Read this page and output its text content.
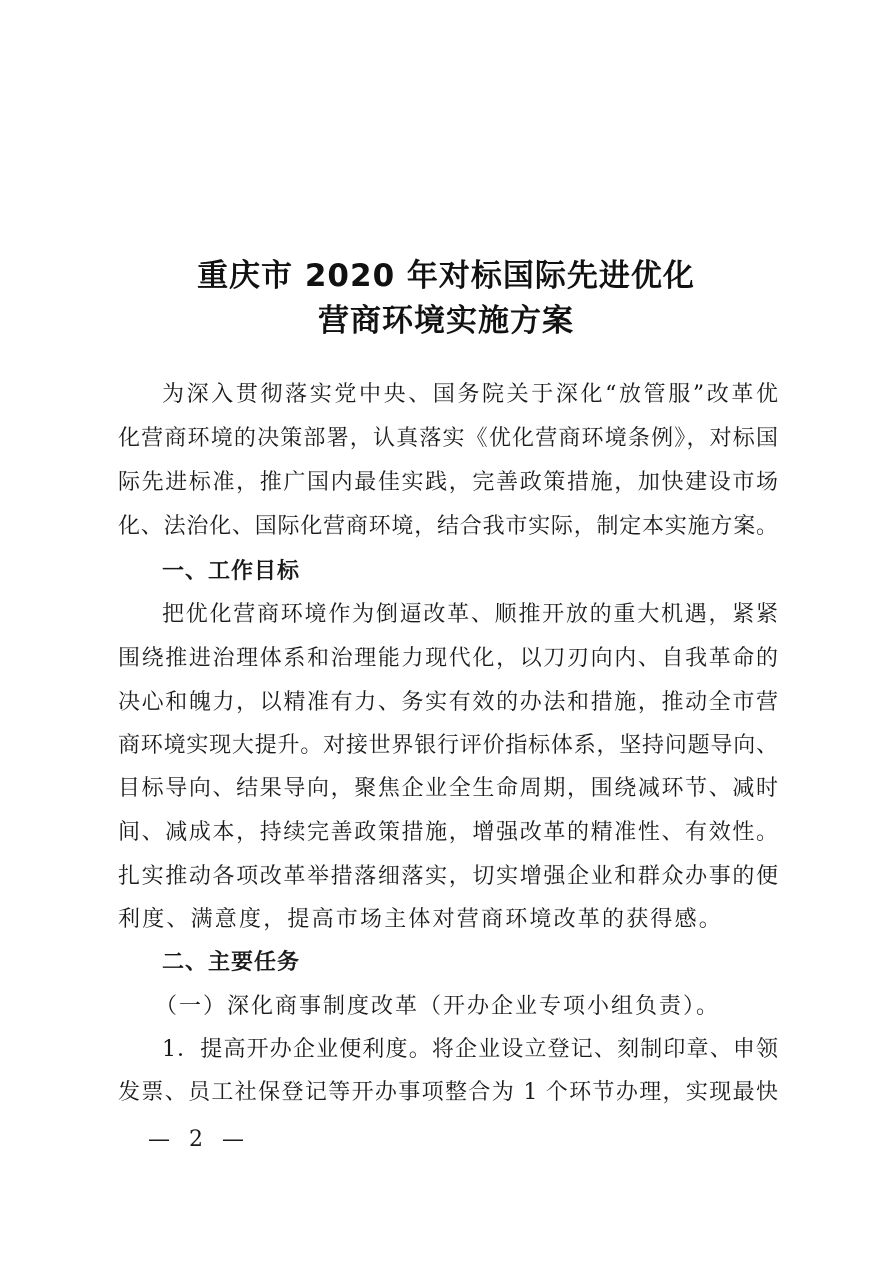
重庆市 2020 年对标国际先进优化
营商环境实施方案
为深入贯彻落实党中央、国务院关于深化“放管服”改革优
化营商环境的决策部署，认真落实《优化营商环境条例》，对标国
际先进标准，推广国内最佳实践，完善政策措施，加快建设市场
化、法治化、国际化营商环境，结合我市实际，制定本实施方案。
一、工作目标
把优化营商环境作为倒逼改革、顺推开放的重大机遇，紧紧
围绕推进治理体系和治理能力现代化，以刀刃向内、自我革命的
决心和魄力，以精准有力、务实有效的办法和措施，推动全市营
商环境实现大提升。对接世界银行评价指标体系，坚持问题导向、
目标导向、结果导向，聚焦企业全生命周期，围绕减环节、减时
间、减成本，持续完善政策措施，增强改革的精准性、有效性。
扎实推动各项改革举措落细落实，切实增强企业和群众办事的便
利度、满意度，提高市场主体对营商环境改革的获得感。
二、主要任务
（一）深化商事制度改革（开办企业专项小组负责）。
1．提高开办企业便利度。将企业设立登记、刻制印章、申领
发票、员工社保登记等开办事项整合为 1 个环节办理，实现最快
— 2 —
